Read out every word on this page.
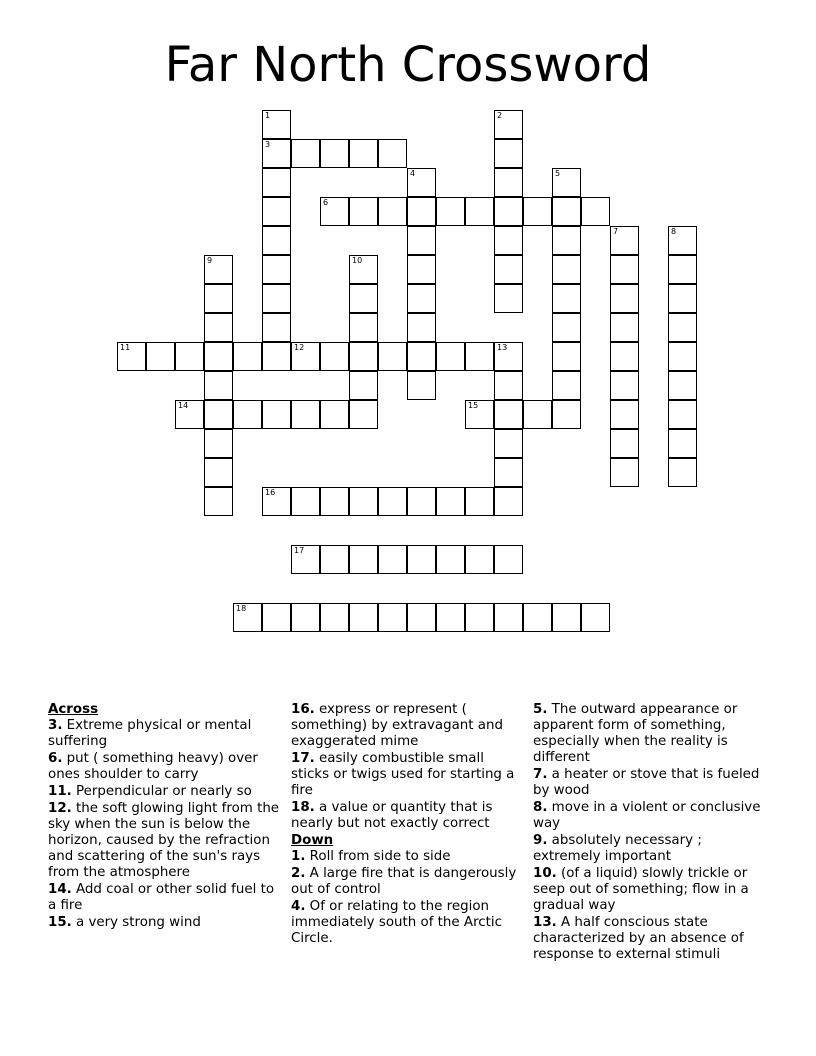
Far North Crossword
1
3
2
4	5
6
7	8
9	10
11	12	13
14	15
16
17
18

Across

3. Extreme physical or mental suffering

6. put ( something heavy) over ones shoulder to carry

11. Perpendicular or nearly so

12. the soft glowing light from the sky when the sun is below the horizon, caused by the refraction and scattering of the sun's rays from the atmosphere

14. Add coal or other solid fuel to a fire

15. a very strong wind

16. express or represent ( something) by extravagant and exaggerated mime

17. easily combustible small sticks or twigs used for starting a fire

18. a value or quantity that is nearly but not exactly correct

Down

1. Roll from side to side

2. A large fire that is dangerously out of control

4. Of or relating to the region immediately south of the Arctic Circle.

5. The outward appearance or apparent form of something, especially when the reality is different

7. a heater or stove that is fueled by wood

8. move in a violent or conclusive way

9. absolutely necessary ; extremely important

10. (of a liquid) slowly trickle or seep out of something; flow in a gradual way

13. A half conscious state characterized by an absence of response to external stimuli
